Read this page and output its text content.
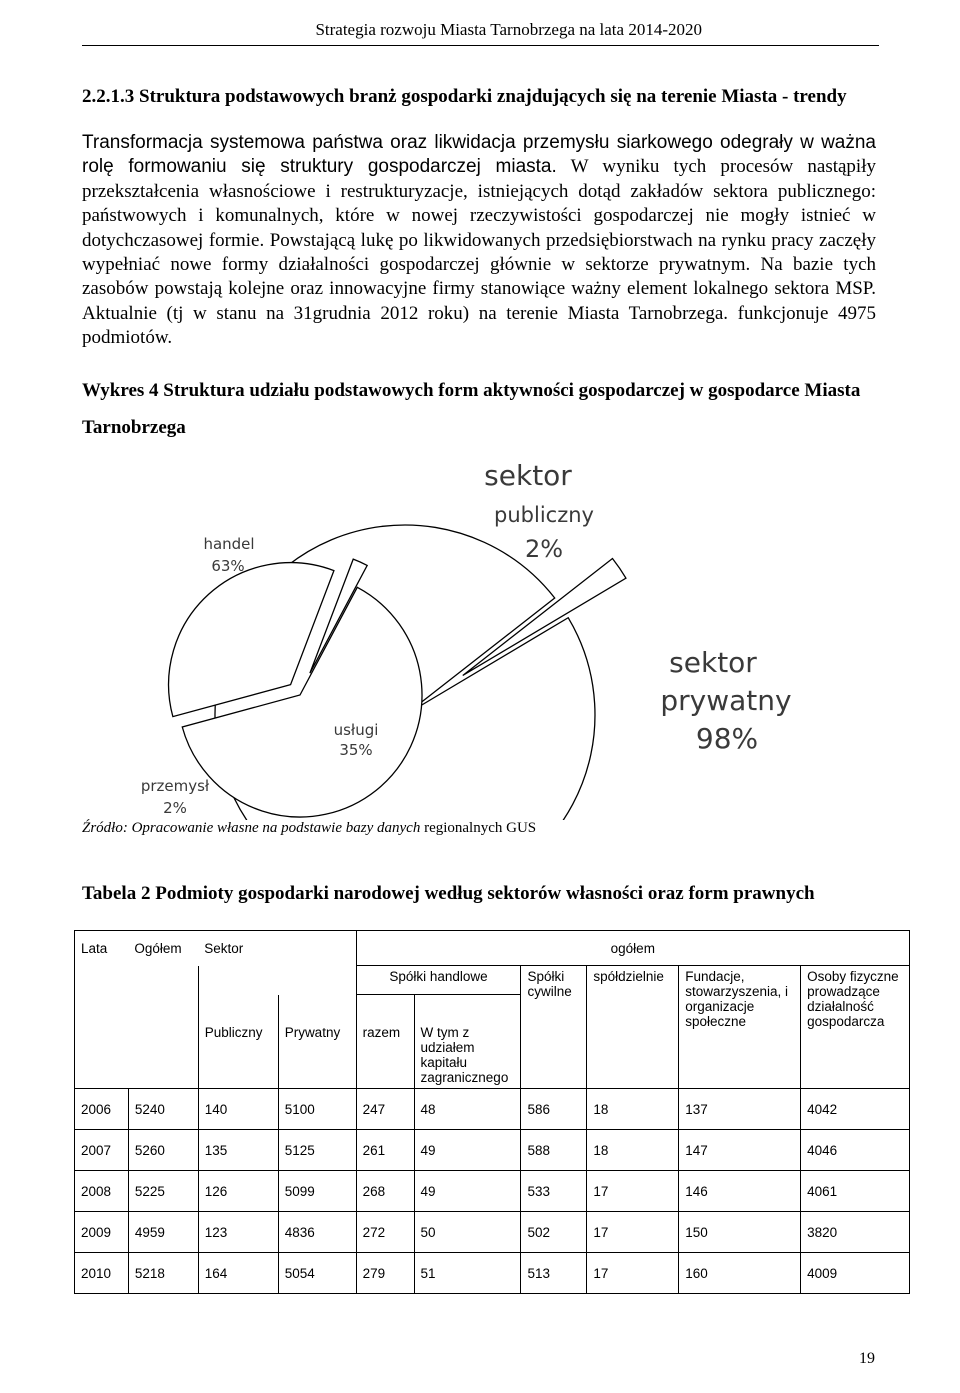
Strategia rozwoju Miasta Tarnobrzega na lata 2014-2020
2.2.1.3 Struktura podstawowych branż gospodarki znajdujących się na terenie Miasta - trendy

Transformacja systemowa państwa oraz likwidacja przemysłu siarkowego odegrały w ważna rolę formowaniu się struktury gospodarczej miasta. W wyniku tych procesów nastąpiły przekształcenia własnościowe i restrukturyzacje, istniejących dotąd zakładów sektora publicznego: państwowych i komunalnych, które w nowej rzeczywistości gospodarczej nie mogły istnieć w dotychczasowej formie. Powstającą lukę po likwidowanych przedsiębiorstwach na rynku pracy zaczęły wypełniać nowe formy działalności gospodarczej głównie w sektorze prywatnym. Na bazie tych zasobów powstają kolejne oraz innowacyjne firmy stanowiące ważny element lokalnego sektora MSP. Aktualnie (tj w stanu na 31grudnia 2012 roku) na terenie Miasta Tarnobrzega. funkcjonuje 4975 podmiotów.

Wykres 4 Struktura udziału podstawowych form aktywności gospodarczej w gospodarce Miasta Tarnobrzega

sektor
publiczny
2%
sektor
prywatny
98%
handel
63%
usługi
35%
przemysł
2%
Źródło: Opracowanie własne na podstawie bazy danych regionalnych GUS
Tabela 2 Podmioty gospodarki narodowej według sektorów własności oraz form prawnych
Lata	Ogółem	Sektor		ogółem					
				Spółki handlowe		Spółki cywilne	spółdzielnie	Fundacje, stowarzyszenia, i organizacje społeczne	Osoby fizyczne prowadzące działalność gospodarcza
		Publiczny	Prywatny	razem	W tym z udziałem kapitału zagranicznego				
2006	5240	140	5100	247	48	586	18	137	4042
2007	5260	135	5125	261	49	588	18	147	4046
2008	5225	126	5099	268	49	533	17	146	4061
2009	4959	123	4836	272	50	502	17	150	3820
2010	5218	164	5054	279	51	513	17	160	4009
19
